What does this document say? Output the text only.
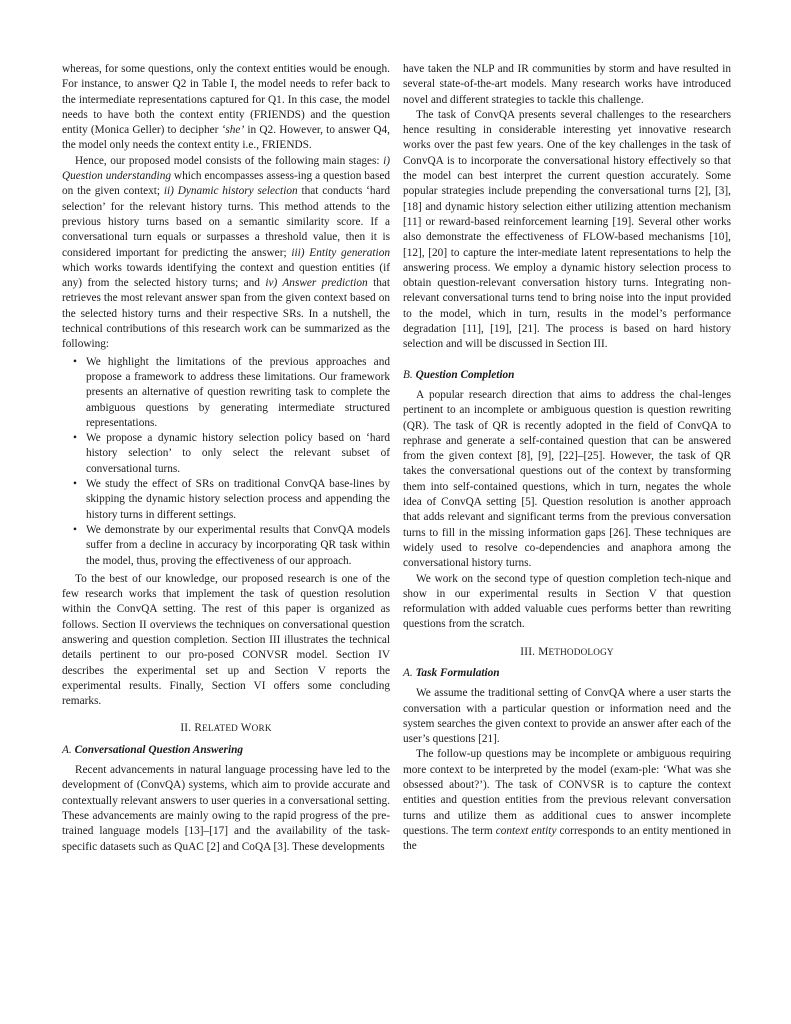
whereas, for some questions, only the context entities would be enough. For instance, to answer Q2 in Table I, the model needs to refer back to the intermediate representations captured for Q1. In this case, the model needs to have both the context entity (FRIENDS) and the question entity (Monica Geller) to decipher ‘she’ in Q2. However, to answer Q4, the model only needs the context entity i.e., FRIENDS.

Hence, our proposed model consists of the following main stages: i) Question understanding which encompasses assess-ing a question based on the given context; ii) Dynamic history selection that conducts ‘hard selection’ for the relevant history turns. This method attends to the previous history turns based on a semantic similarity score. If a conversational turn equals or surpasses a threshold value, then it is considered important for predicting the answer; iii) Entity generation which works towards identifying the context and question entities (if any) from the selected history turns; and iv) Answer prediction that retrieves the most relevant answer span from the given context based on the selected history turns and their respective SRs. In a nutshell, the technical contributions of this research work can be summarized as the following:

• We highlight the limitations of the previous approaches and propose a framework to address these limitations. Our framework presents an alternative of question rewriting task to complete the ambiguous questions by generating intermediate structured representations.
• We propose a dynamic history selection policy based on ‘hard history selection’ to only select the relevant subset of conversational turns.
• We study the effect of SRs on traditional ConvQA base-lines by skipping the dynamic history selection process and appending the history turns in different settings.
• We demonstrate by our experimental results that ConvQA models suffer from a decline in accuracy by incorporating QR task within the model, thus, proving the effectiveness of our approach.

To the best of our knowledge, our proposed research is one of the few research works that implement the task of question resolution within the ConvQA setting. The rest of this paper is organized as follows. Section II overviews the techniques on conversational question answering and question completion. Section III illustrates the technical details pertinent to our pro-posed CONVSR model. Section IV describes the experimental set up and Section V reports the experimental results. Finally, Section VI offers some concluding remarks.

II. RELATED WORK
A. Conversational Question Answering

Recent advancements in natural language processing have led to the development of (ConvQA) systems, which aim to provide accurate and contextually relevant answers to user queries in a conversational setting. These advancements are mainly owing to the rapid progress of the pre-trained language models [13]–[17] and the availability of the task-specific datasets such as QuAC [2] and CoQA [3]. These developments

have taken the NLP and IR communities by storm and have resulted in several state-of-the-art models. Many research works have introduced novel and different strategies to tackle this challenge.

The task of ConvQA presents several challenges to the researchers hence resulting in considerable interesting yet innovative research works over the past few years. One of the key challenges in the task of ConvQA is to incorporate the conversational history effectively so that the model can best interpret the current question accurately. Some popular strategies include prepending the conversational turns [2], [3], [18] and dynamic history selection either utilizing attention mechanism [11] or reward-based reinforcement learning [19]. Several other works also demonstrate the effectiveness of FLOW-based mechanisms [10], [12], [20] to capture the inter-mediate latent representations to help the answering process. We employ a dynamic history selection process to obtain question-relevant conversation history turns. Integrating non-relevant conversational turns tend to bring noise into the input provided to the model, which in turn, results in the model’s performance degradation [11], [19], [21]. The process is based on hard history selection and will be discussed in Section III.

B. Question Completion

A popular research direction that aims to address the chal-lenges pertinent to an incomplete or ambiguous question is question rewriting (QR). The task of QR is recently adopted in the field of ConvQA to rephrase and generate a self-contained question that can be answered from the given context [8], [9], [22]–[25]. However, the task of QR takes the conversational questions out of the context by transforming them into self-contained questions, which in turn, negates the whole idea of ConvQA setting [5]. Question resolution is another approach that adds relevant and significant terms from the previous conversation turns to fill in the missing information gaps [26]. These techniques are widely used to resolve co-dependencies and anaphora among the conversational history turns.

We work on the second type of question completion tech-nique and show in our experimental results in Section V that question reformulation with added valuable cues performs better than rewriting questions from the scratch.

III. METHODOLOGY
A. Task Formulation

We assume the traditional setting of ConvQA where a user starts the conversation with a particular question or information need and the system searches the given context to provide an answer after each of the user’s questions [21].

The follow-up questions may be incomplete or ambiguous requiring more context to be interpreted by the model (exam-ple: ‘What was she obsessed about?’). The task of CONVSR is to capture the context entities and question entities from the previous relevant conversation turns and utilize them as additional cues to answer incomplete questions. The term context entity corresponds to an entity mentioned in the
